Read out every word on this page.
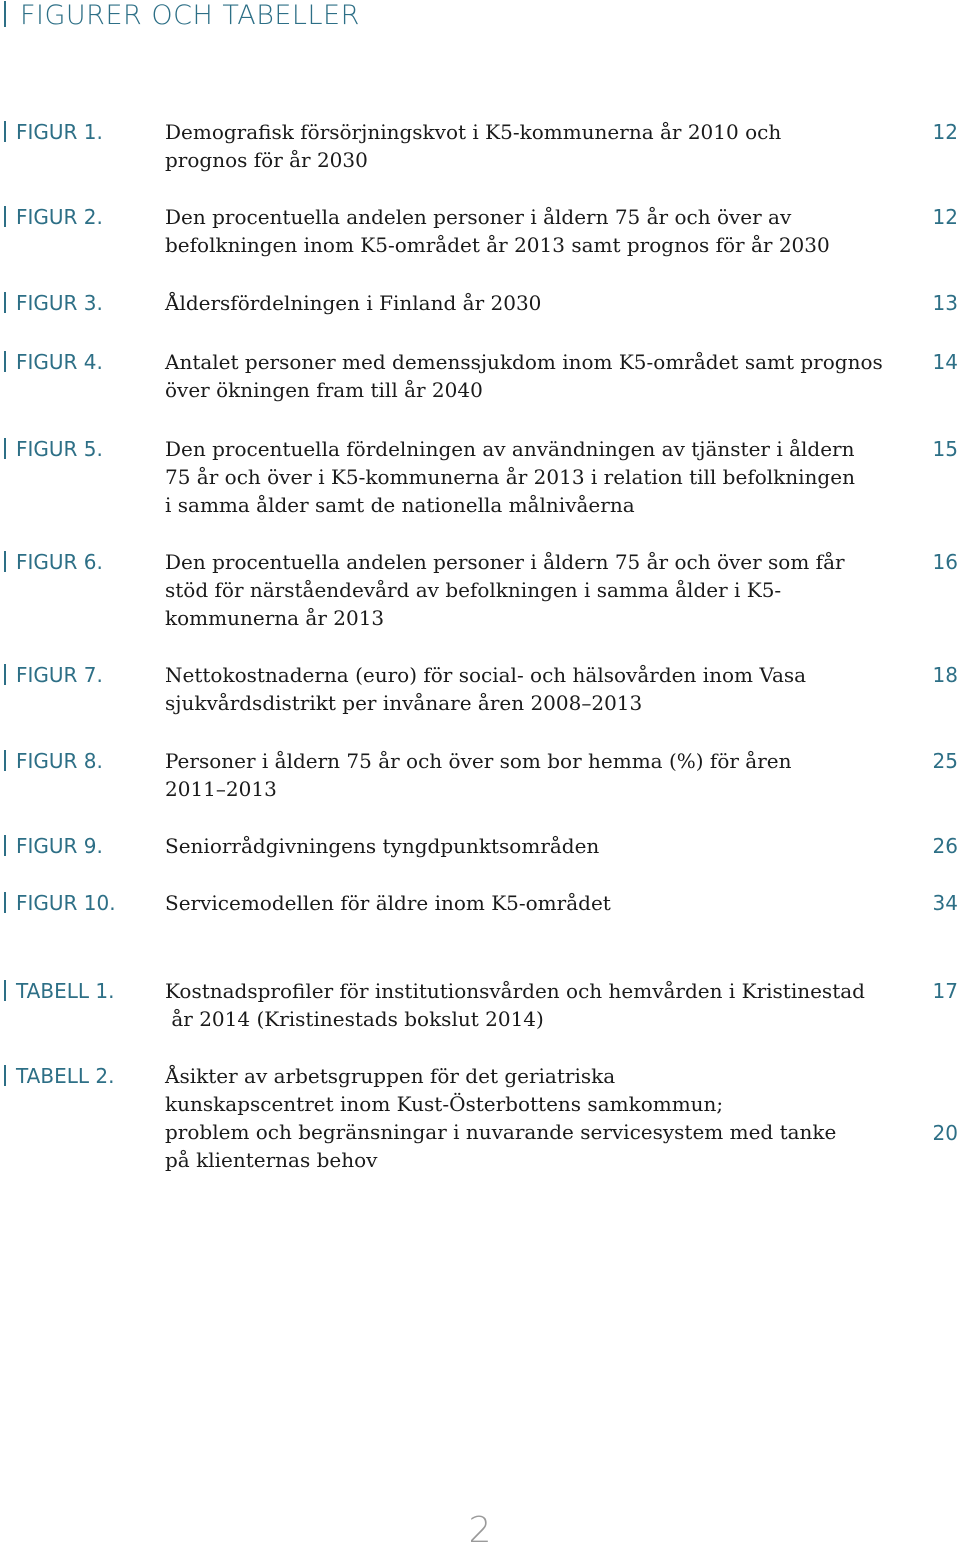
FIGURER OCH TABELLER
FIGUR 1.	Demografisk försörjningskvot i K5-kommunerna år 2010 och
prognos för år 2030
12
FIGUR 2.	Den procentuella andelen personer i åldern 75 år och över av
befolkningen inom K5-området år 2013 samt prognos för år 2030
12
FIGUR 3.	Åldersfördelningen i Finland år 2030	13
FIGUR 4.	Antalet personer med demenssjukdom inom K5-området samt prognos
över ökningen fram till år 2040
14
FIGUR 5.	Den procentuella fördelningen av användningen av tjänster i åldern
75 år och över i K5-kommunerna år 2013 i relation till befolkningen
i samma ålder samt de nationella målnivåerna
15
FIGUR 6.	Den procentuella andelen personer i åldern 75 år och över som får
stöd för närståendevård av befolkningen i samma ålder i K5-
kommunerna år 2013
16
FIGUR 7.	Nettokostnaderna (euro) för social- och hälsovården inom Vasa
sjukvårdsdistrikt per invånare åren 2008–2013
18
FIGUR 8.	Personer i åldern 75 år och över som bor hemma (%) för åren
2011–2013
25
FIGUR 9.	Seniorrådgivningens tyngdpunktsområden	26
FIGUR 10. Servicemodellen för äldre inom K5-området	34
TABELL 1.	Kostnadsprofiler för institutionsvården och hemvården i Kristinestad
år 2014 (Kristinestads bokslut 2014)
17
TABELL 2.	Åsikter av arbetsgruppen för det geriatriska
kunskapscentret inom Kust-Österbottens samkommun;
problem och begränsningar i nuvarande servicesystem med tanke
på klienternas behov
20
2
